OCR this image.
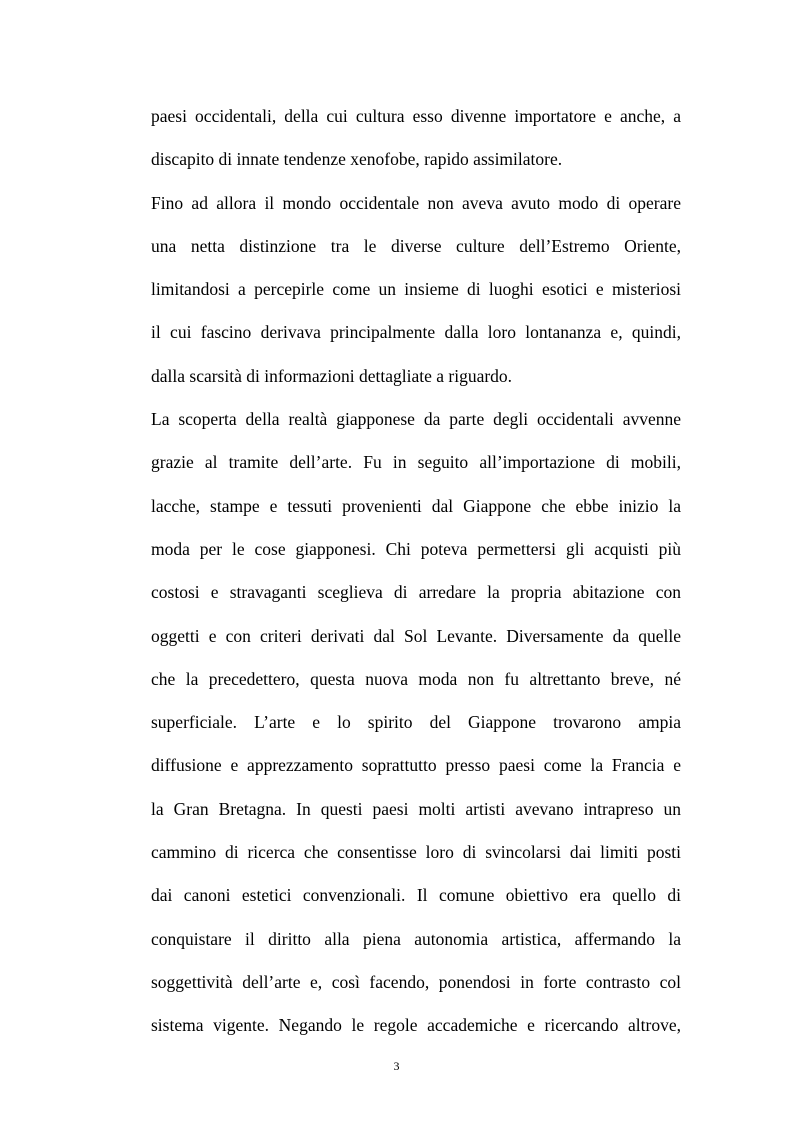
paesi occidentali, della cui cultura esso divenne importatore e anche, a
discapito di innate tendenze xenofobe, rapido assimilatore.
Fino ad allora il mondo occidentale non aveva avuto modo di operare
una netta distinzione tra le diverse culture dell’Estremo Oriente,
limitandosi a percepirle come un insieme di luoghi esotici e misteriosi
il cui fascino derivava principalmente dalla loro lontananza e, quindi,
dalla scarsità di informazioni dettagliate a riguardo.
La scoperta della realtà giapponese da parte degli occidentali avvenne
grazie al tramite dell’arte. Fu in seguito all’importazione di mobili,
lacche, stampe e tessuti provenienti dal Giappone che ebbe inizio la
moda per le cose giapponesi. Chi poteva permettersi gli acquisti più
costosi e stravaganti sceglieva di arredare la propria abitazione con
oggetti e con criteri derivati dal Sol Levante. Diversamente da quelle
che la precedettero, questa nuova moda non fu altrettanto breve, né
superficiale. L’arte e lo spirito del Giappone trovarono ampia
diffusione e apprezzamento soprattutto presso paesi come la Francia e
la Gran Bretagna. In questi paesi molti artisti avevano intrapreso un
cammino di ricerca che consentisse loro di svincolarsi dai limiti posti
dai canoni estetici convenzionali. Il comune obiettivo era quello di
conquistare il diritto alla piena autonomia artistica, affermando la
soggettività dell’arte e, così facendo, ponendosi in forte contrasto col
sistema vigente. Negando le regole accademiche e ricercando altrove,
3
